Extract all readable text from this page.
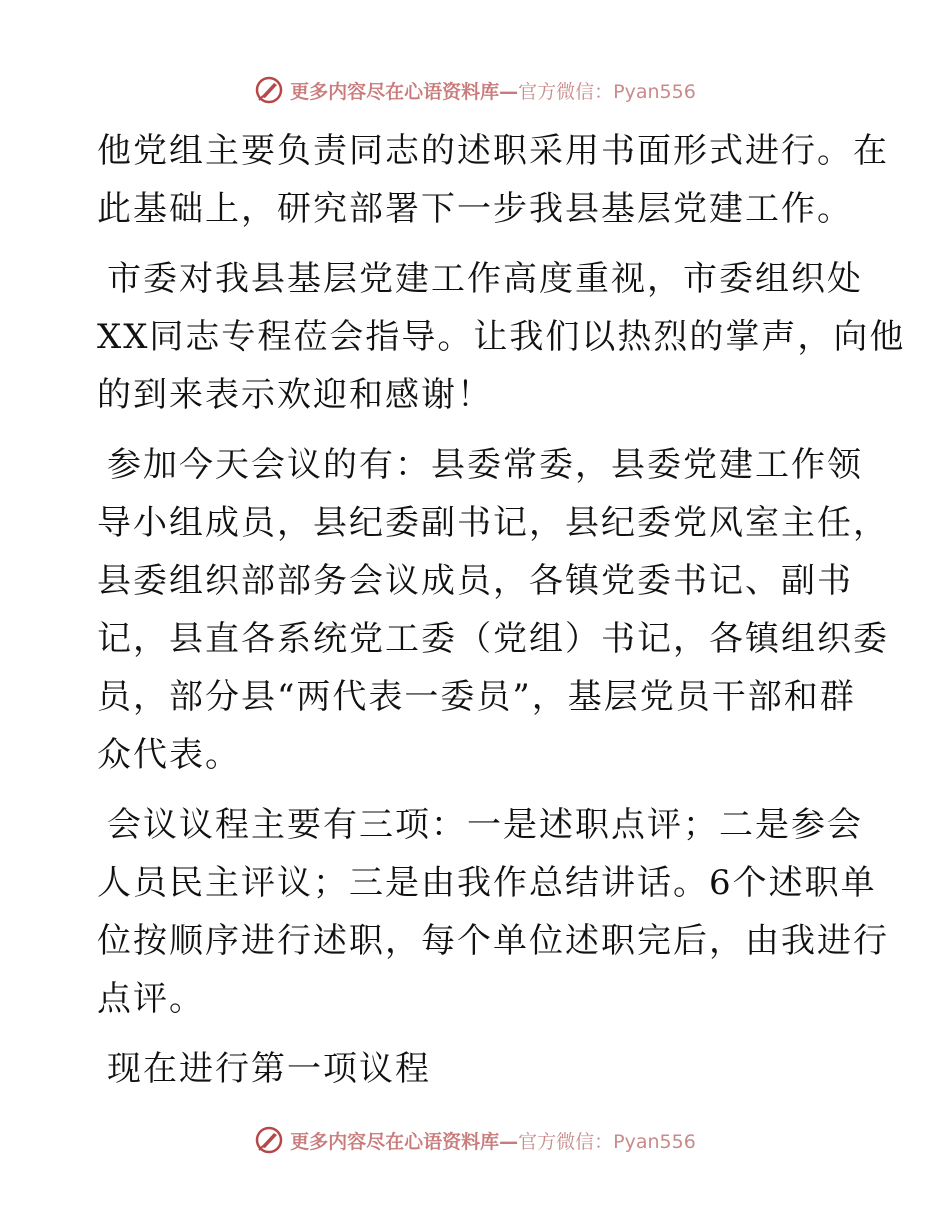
更多内容尽在心语资料库—官方微信：Pyan556
他党组主要负责同志的述职采用书面形式进行。在
此基础上，研究部署下一步我县基层党建工作。
市委对我县基层党建工作高度重视，市委组织处
XX同志专程莅会指导。让我们以热烈的掌声，向他
的到来表示欢迎和感谢！
参加今天会议的有：县委常委，县委党建工作领
导小组成员，县纪委副书记，县纪委党风室主任，
县委组织部部务会议成员，各镇党委书记、副书
记，县直各系统党工委（党组）书记，各镇组织委
员，部分县“两代表一委员”，基层党员干部和群
众代表。
会议议程主要有三项：一是述职点评；二是参会
人员民主评议；三是由我作总结讲话。6个述职单
位按顺序进行述职，每个单位述职完后，由我进行
点评。
现在进行第一项议程
更多内容尽在心语资料库—官方微信：Pyan556
